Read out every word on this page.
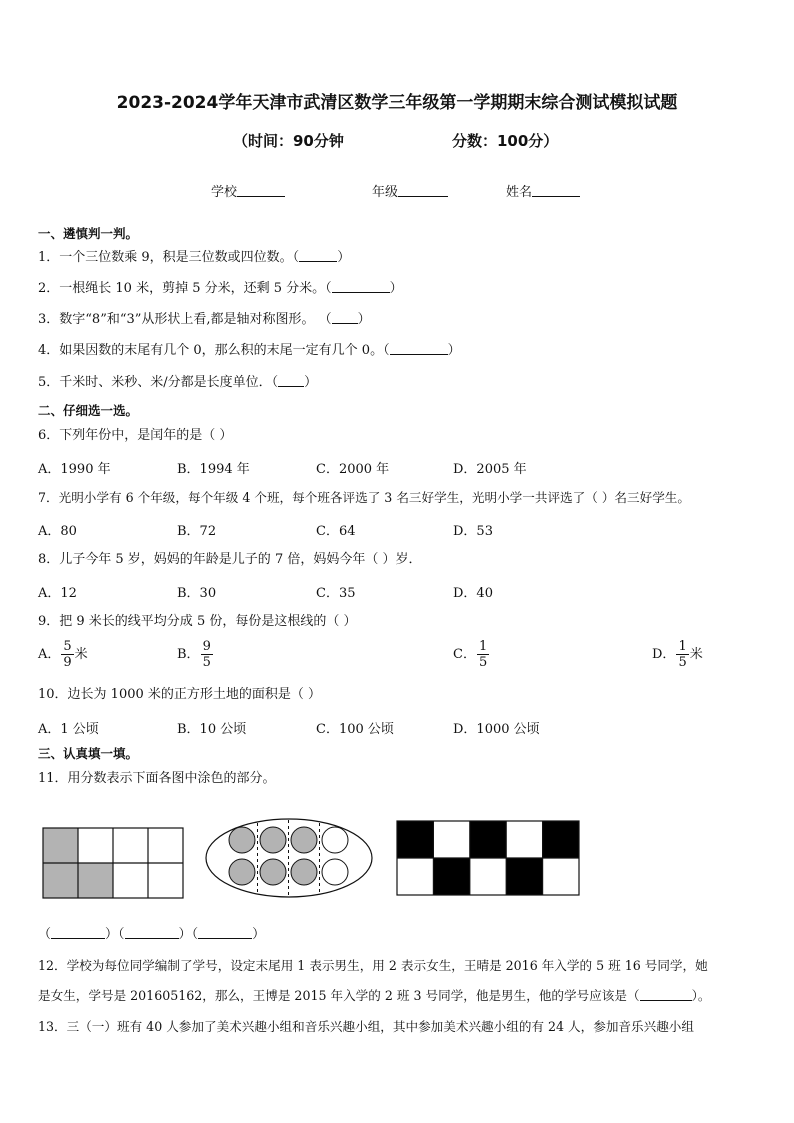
2023-2024学年天津市武清区数学三年级第一学期期末综合测试模拟试题
（时间：90分钟	分数：100分）
学校	年级	姓名
一、遴慎判一判。
1．一个三位数乘 9，积是三位数或四位数。（	）
2．一根绳长 10 米，剪掉 5 分米，还剩 5 分米。（	）
3．数字“8”和“3”从形状上看,都是轴对称图形。 （ ）
4．如果因数的末尾有几个 0，那么积的末尾一定有几个 0。（	）
5．千米时、米秒、米/分都是长度单位．（ ）
二、仔细选一选。
6．下列年份中，是闰年的是（ ）
A．1990 年	B．1994 年	C．2000 年	D．2005 年
7．光明小学有 6 个年级，每个年级 4 个班，每个班各评选了 3 名三好学生，光明小学一共评选了（ ）名三好学生。
A．80	B．72	C．64	D．53
8．儿子今年 5 岁，妈妈的年龄是儿子的 7 倍，妈妈今年（ ）岁．
A．12	B．30	C．35	D．40
9．把 9 米长的线平均分成 5 份，每份是这根线的（ ）
A． $\frac{5}{9}$ 米	B． $\frac{9}{5}$	C． $\frac{1}{5}$	D． $\frac{1}{5}$ 米
10．边长为 1000 米的正方形土地的面积是（ ）
A．1 公顷	B．10 公顷	C．100 公顷	D．1000 公顷
三、认真填一填。
11．用分数表示下面各图中涂色的部分。
（	）（	）（	）
12．学校为每位同学编制了学号，设定末尾用 1 表示男生，用 2 表示女生，王晴是 2016 年入学的 5 班 16 号同学，她
是女生，学号是 201605162，那么，王博是 2015 年入学的 2 班 3 号同学，他是男生，他的学号应该是（	）。
13．三（一）班有 40 人参加了美术兴趣小组和音乐兴趣小组，其中参加美术兴趣小组的有 24 人，参加音乐兴趣小组
